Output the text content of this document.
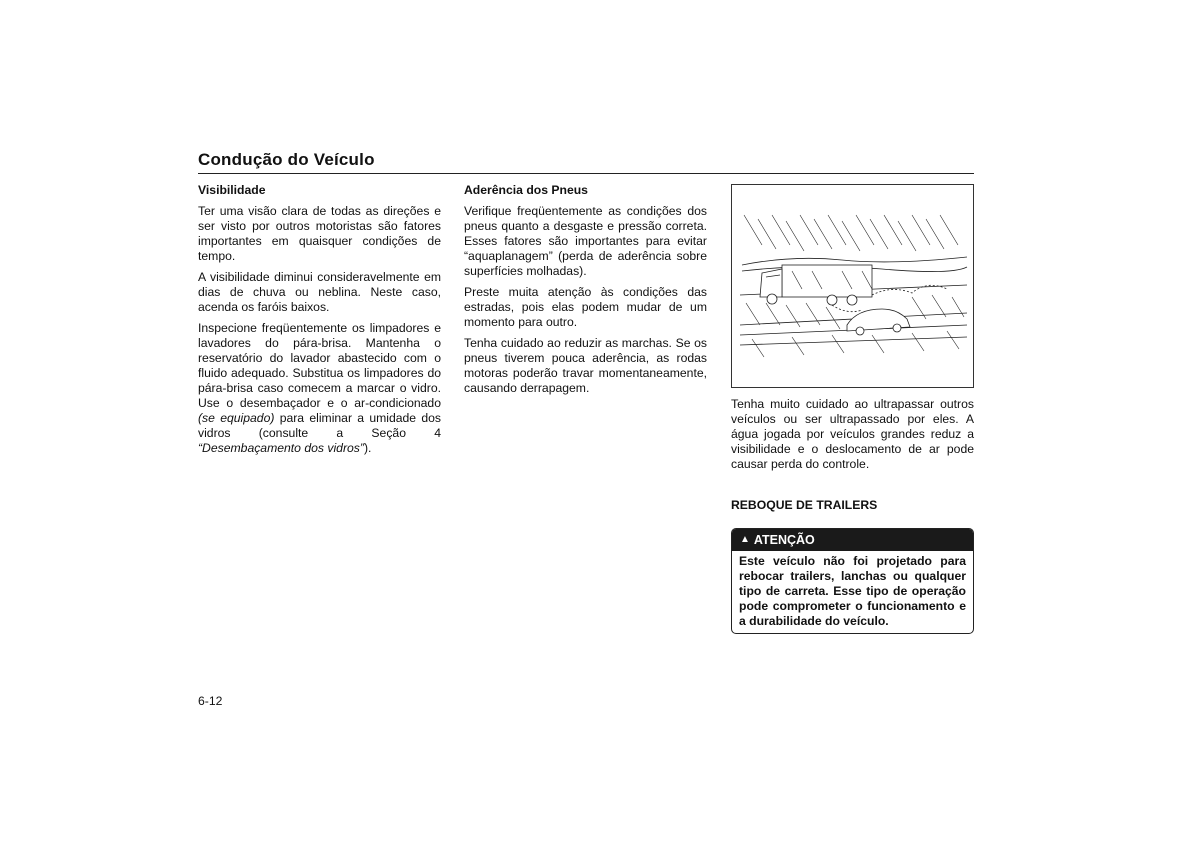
Condução do Veículo
Visibilidade

Ter uma visão clara de todas as direções e ser visto por outros motoristas são fatores importantes em quaisquer condições de tempo.

A visibilidade diminui consideravelmente em dias de chuva ou neblina. Neste caso, acenda os faróis baixos.

Inspecione freqüentemente os limpadores e lavadores do pára-brisa. Mantenha o reservatório do lavador abastecido com o fluido adequado. Substitua os limpadores do pára-brisa caso comecem a marcar o vidro. Use o desembaçador e o ar-condicionado (se equipado) para eliminar a umidade dos vidros (consulte a Seção 4 “Desembaçamento dos vidros”).

Aderência dos Pneus

Verifique freqüentemente as condições dos pneus quanto a desgaste e pressão correta. Esses fatores são importantes para evitar “aquaplanagem” (perda de aderência sobre superfícies molhadas).

Preste muita atenção às condições das estradas, pois elas podem mudar de um momento para outro.

Tenha cuidado ao reduzir as marchas. Se os pneus tiverem pouca aderência, as rodas motoras poderão travar momentaneamente, causando derrapagem.

Tenha muito cuidado ao ultrapassar outros veículos ou ser ultrapassado por eles. A água jogada por veículos grandes reduz a visibilidade e o deslocamento de ar pode causar perda do controle.

REBOQUE DE TRAILERS
▲ ATENÇÃO
Este veículo não foi projetado para rebocar trailers, lanchas ou qualquer tipo de carreta. Esse tipo de operação pode comprometer o funcionamento e a durabilidade do veículo.
6-12
